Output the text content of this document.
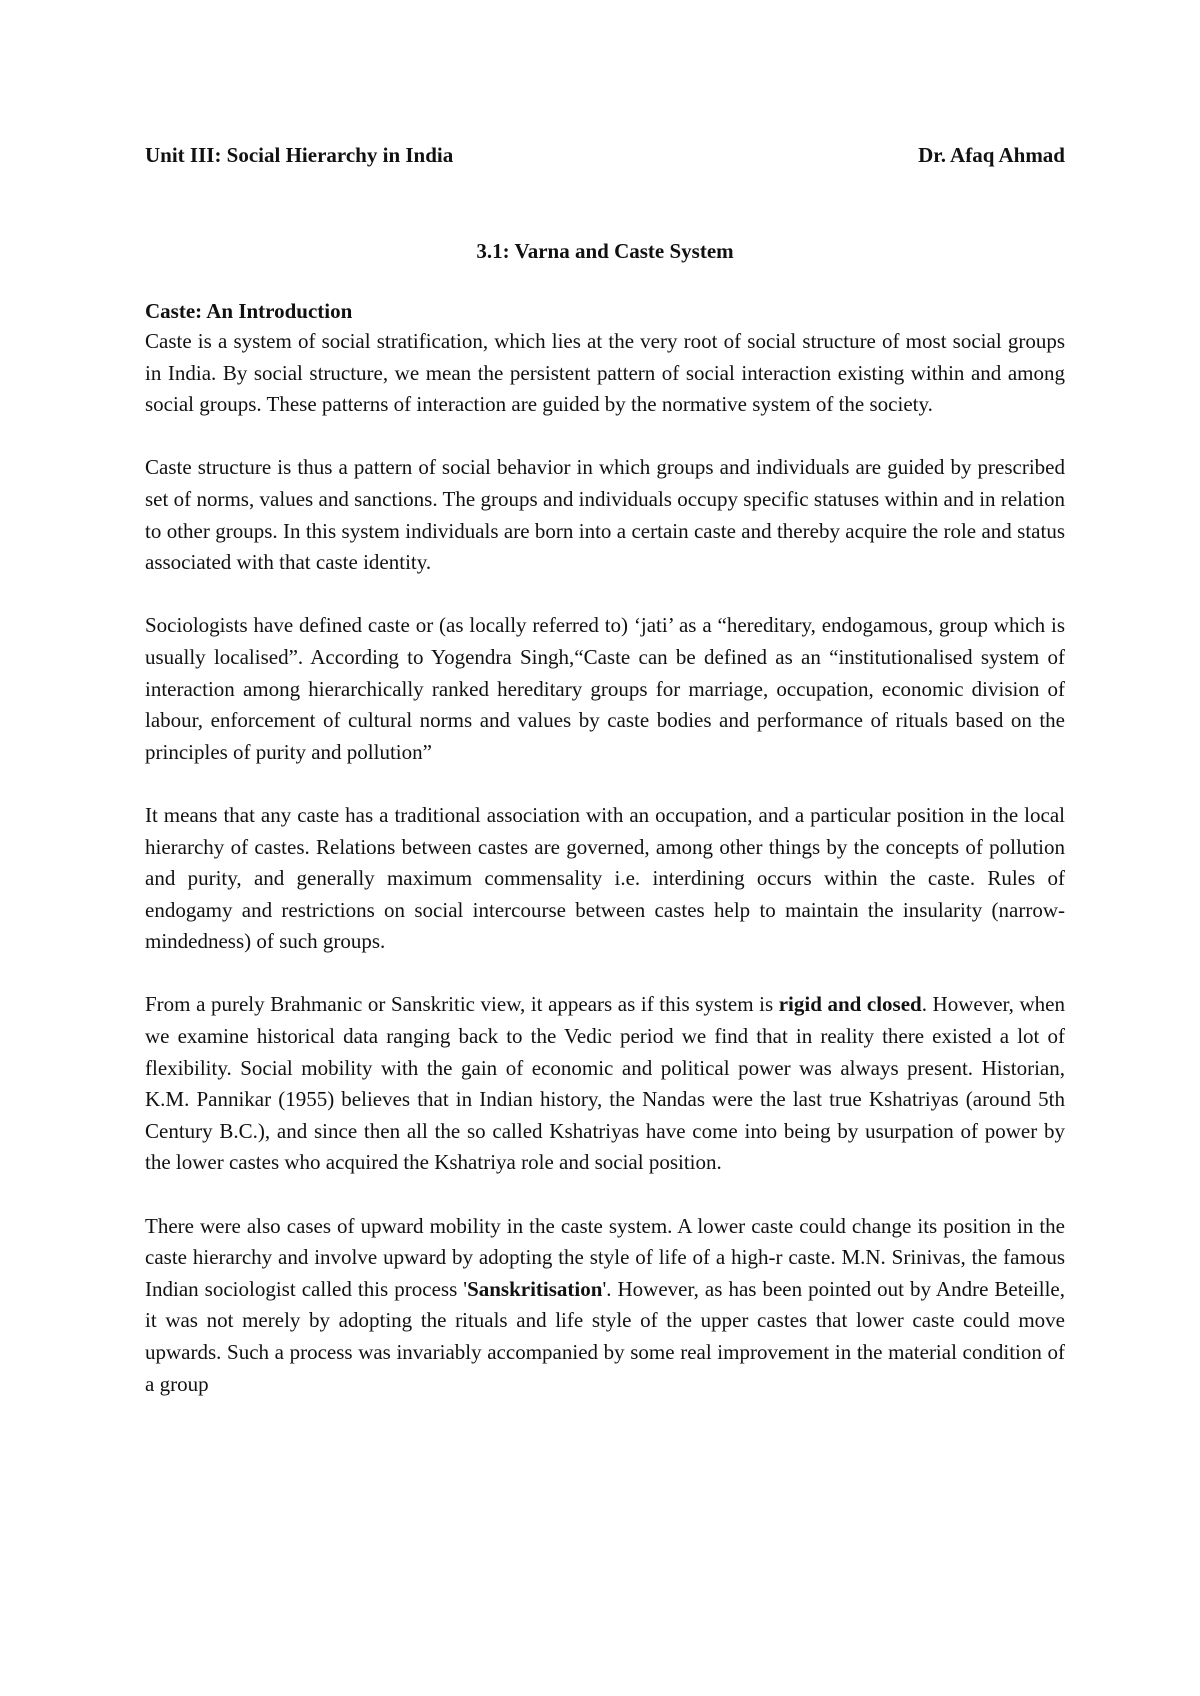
Unit III: Social Hierarchy in India	Dr. Afaq Ahmad
3.1: Varna and Caste System
Caste: An Introduction

Caste is a system of social stratification, which lies at the very root of social structure of most social groups in India. By social structure, we mean the persistent pattern of social interaction existing within and among social groups. These patterns of interaction are guided by the normative system of the society.

Caste structure is thus a pattern of social behavior in which groups and individuals are guided by prescribed set of norms, values and sanctions. The groups and individuals occupy specific statuses within and in relation to other groups. In this system individuals are born into a certain caste and thereby acquire the role and status associated with that caste identity.

Sociologists have defined caste or (as locally referred to) ‘jati’ as a “hereditary, endogamous, group which is usually localised”. According to Yogendra Singh,“Caste can be defined as an “institutionalised system of interaction among hierarchically ranked hereditary groups for marriage, occupation, economic division of labour, enforcement of cultural norms and values by caste bodies and performance of rituals based on the principles of purity and pollution”

It means that any caste has a traditional association with an occupation, and a particular position in the local hierarchy of castes. Relations between castes are governed, among other things by the concepts of pollution and purity, and generally maximum commensality i.e. interdining occurs within the caste. Rules of endogamy and restrictions on social intercourse between castes help to maintain the insularity (narrow-mindedness) of such groups.

From a purely Brahmanic or Sanskritic view, it appears as if this system is rigid and closed. However, when we examine historical data ranging back to the Vedic period we find that in reality there existed a lot of flexibility. Social mobility with the gain of economic and political power was always present. Historian, K.M. Pannikar (1955) believes that in Indian history, the Nandas were the last true Kshatriyas (around 5th Century B.C.), and since then all the so called Kshatriyas have come into being by usurpation of power by the lower castes who acquired the Kshatriya role and social position.

There were also cases of upward mobility in the caste system. A lower caste could change its position in the caste hierarchy and involve upward by adopting the style of life of a high-r caste. M.N. Srinivas, the famous Indian sociologist called this process 'Sanskritisation'. However, as has been pointed out by Andre Beteille, it was not merely by adopting the rituals and life style of the upper castes that lower caste could move upwards. Such a process was invariably accompanied by some real improvement in the material condition of a group
